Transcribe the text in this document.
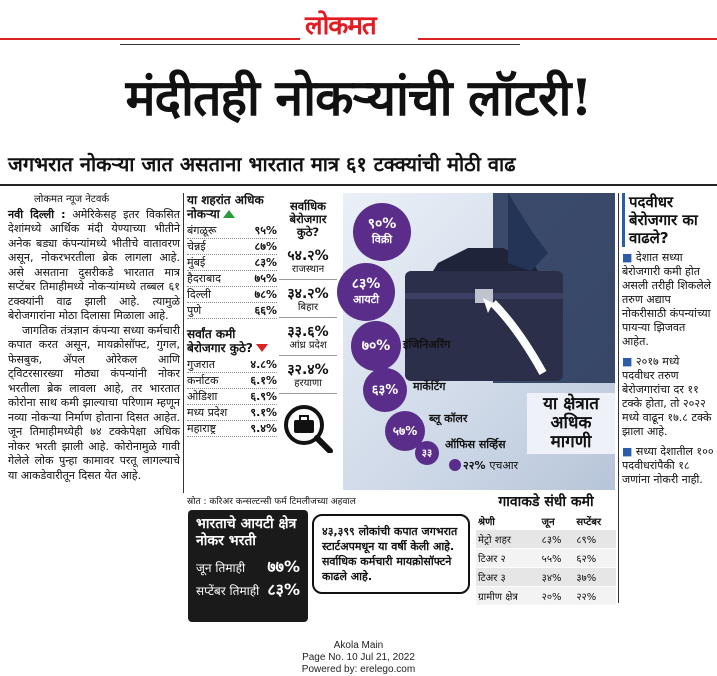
लोकमत
मंदीतही नोकऱ्यांची लॉटरी!
जगभरात नोकऱ्या जात असताना भारतात मात्र ६१ टक्क्यांची मोठी वाढ
लोकमत न्यूज नेटवर्क

नवी दिल्ली : अमेरिकेसह इतर विकसित देशांमध्ये आर्थिक मंदी येण्याच्या भीतीने अनेक बड्या कंपन्यांमध्ये भीतीचे वातावरण असून, नोकरभरतीला ब्रेक लागला आहे. असे असताना दुसरीकडे भारतात मात्र सप्टेंबर तिमाहीमध्ये नोकऱ्यांमध्ये तब्बल ६१ टक्क्यांनी वाढ झाली आहे. त्यामुळे बेरोजगारांना मोठा दिलासा मिळाला आहे.

जागतिक तंत्रज्ञान कंपन्या सध्या कर्मचारी कपात करत असून, मायक्रोसॉफ्ट, गुगल, फेसबुक, ॲपल ओरेकल आणि ट्विटरसारख्या मोठ्या कंपन्यांनी नोकर भरतीला ब्रेक लावला आहे, तर भारतात कोरोना साथ कमी झाल्याचा परिणाम म्हणून नव्या नोकऱ्या निर्माण होताना दिसत आहेत. जून तिमाहीमध्येही ७४ टक्केपेक्षा अधिक नोकर भरती झाली आहे. कोरोनामुळे गावी गेलेले लोक पुन्हा कामावर परतू लागल्याचे या आकडेवारीतून दिसत येत आहे.

या शहरांत अधिक नोकऱ्या
बंगळूरू	९५%
चेन्नई	८७%
मुंबई	८३%
हैदराबाद	७५%
दिल्ली	७८%
पुणे	६६%
सर्वांत कमी बेरोजगार कुठे?
गुजरात	४.८%
कर्नाटक	६.१%
ओडिशा	६.९%
मध्य प्रदेश ९.१%
महाराष्ट्र	९.४%
सर्वाधिक बेरोजगार कुठे?
५४.२%
राजस्थान
३४.२%
बिहार
३३.६%
आंध्र प्रदेश
३२.४%
हरयाणा
९०%
विक्री
८३%
आयटी
७०% इंजिनिअरिंग
६३% मार्केटिंग
५७%
ब्लू कॉलर
३३
ऑफिस सर्व्हिस
२२% एचआर
या क्षेत्रात अधिक मागणी
पदवीधर बेरोजगार का वाढले?

■ देशात सध्या बेरोजगारी कमी होत असली तरीही शिकलेले तरुण अद्याप नोकरीसाठी कंपन्यांच्या पायऱ्या झिजवत आहेत.

■ २०१७ मध्ये पदवीधर तरुण बेरोजगारांचा दर ११ टक्के होता, तो २०२२ मध्ये वाढून १७.८ टक्के झाला आहे.

■ सध्या देशातील १०० पदवीधरांपैकी १८ जणांना नोकरी नाही.

स्रोत : करिअर कन्सल्टन्सी फर्म टिमलीजच्या अहवाल
भारताचे आयटी क्षेत्र नोकर भरती
जून तिमाही ७७%
सप्टेंबर तिमाही ८३%
४३,३९९ लोकांची कपात जगभरात स्टार्टअपमधून या वर्षी केली आहे. सर्वाधिक कर्मचारी मायक्रोसॉफ्टने काढले आहे.
गावाकडे संधी कमी
श्रेणी	जून	सप्टेंबर
मेट्रो शहर	८३%	८९%
टिअर २	५५%	६२%
टिअर ३	३४%	३७%
ग्रामीण क्षेत्र	२०%	२२%
Akola Main
Page No. 10 Jul 21, 2022
Powered by: erelego.com
